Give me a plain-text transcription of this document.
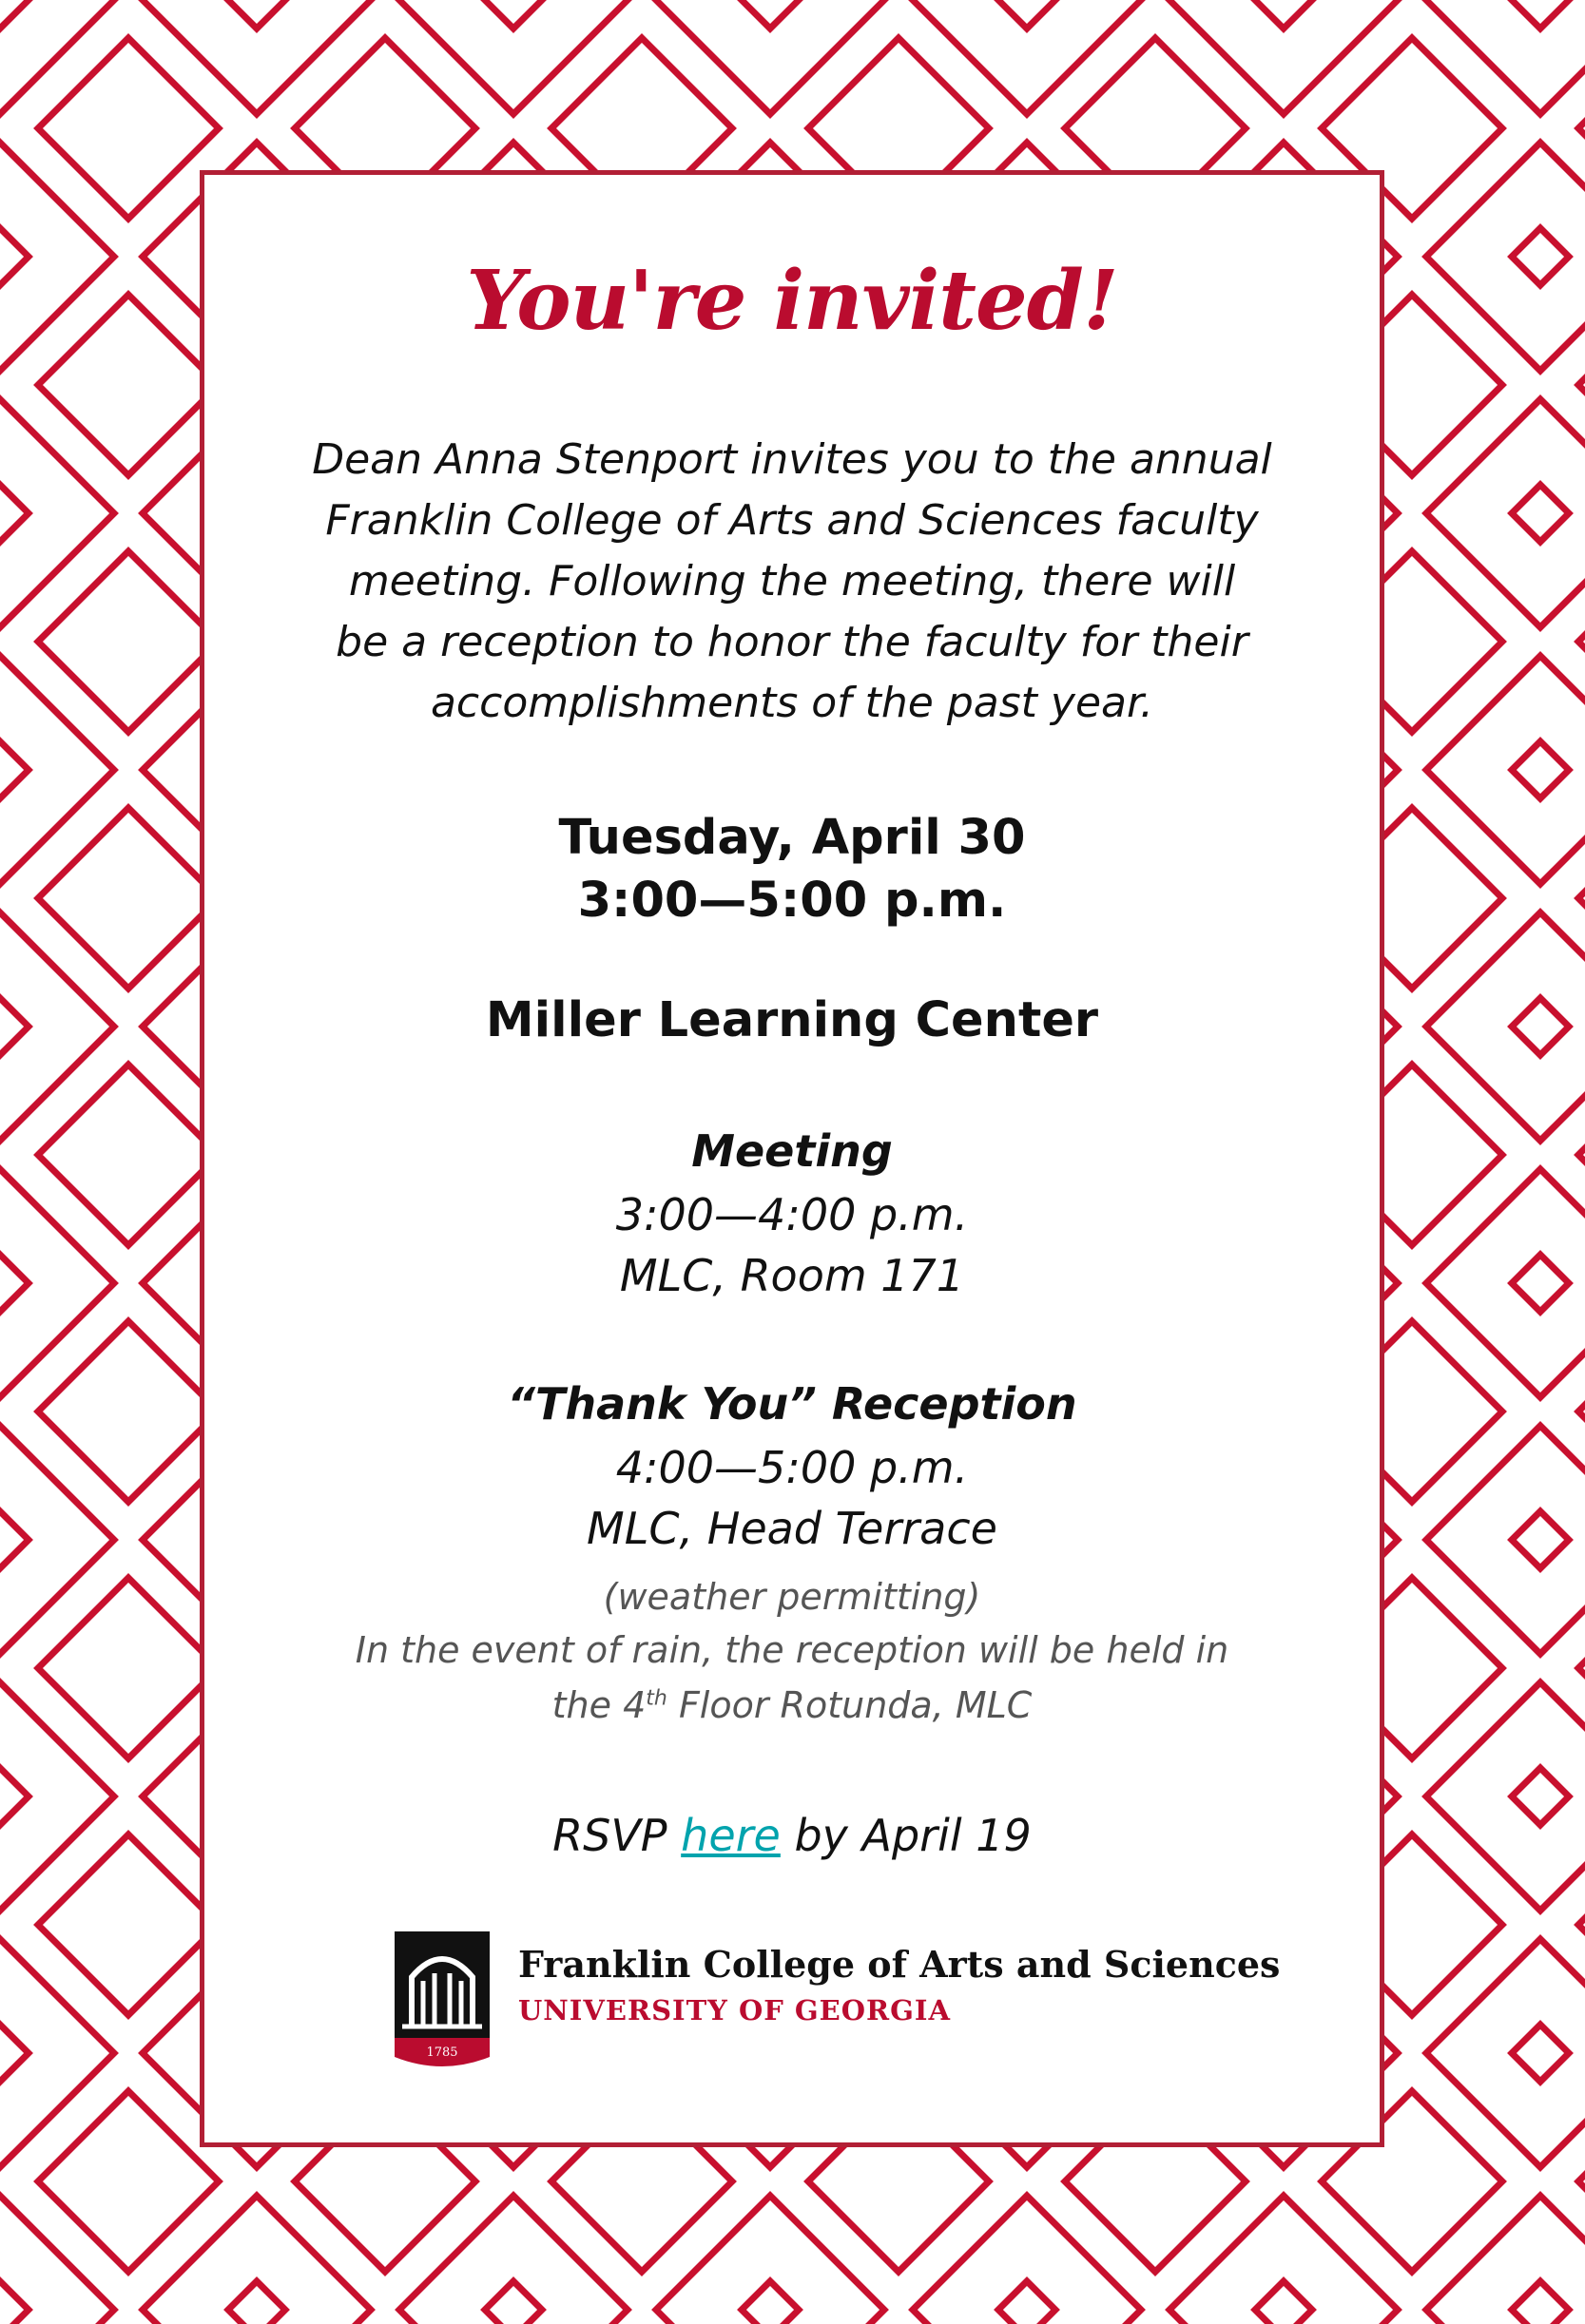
You're invited!
Dean Anna Stenport invites you to the annual
Franklin College of Arts and Sciences faculty
meeting. Following the meeting, there will
be a reception to honor the faculty for their
accomplishments of the past year.
Tuesday, April 30
3:00—5:00 p.m.
Miller Learning Center
Meeting
3:00—4:00 p.m.
MLC, Room 171
“Thank You” Reception
4:00—5:00 p.m.
MLC, Head Terrace
(weather permitting)
In the event of rain, the reception will be held in
the 4th Floor Rotunda, MLC
RSVP here by April 19
1785
Franklin College of Arts and Sciences
UNIVERSITY OF GEORGIA
